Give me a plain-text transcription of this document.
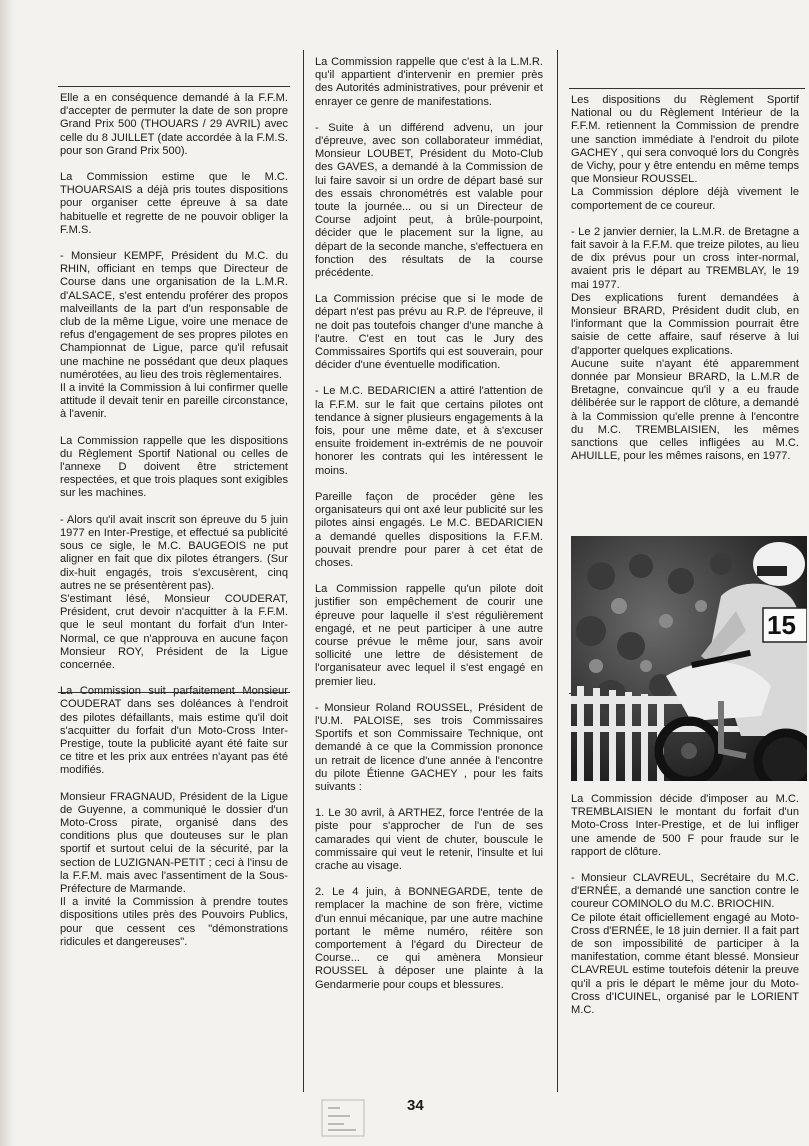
Elle a en conséquence demandé à la F.F.M. d'accepter de permuter la date de son propre Grand Prix 500 (THOUARS / 29 AVRIL) avec celle du 8 JUILLET (date accordée à la F.M.S. pour son Grand Prix 500).

La Commission estime que le M.C. THOUARSAIS a déjà pris toutes dispositions pour organiser cette épreuve à sa date habituelle et regrette de ne pouvoir obliger la F.M.S.

- Monsieur KEMPF, Président du M.C. du RHIN, officiant en temps que Directeur de Course dans une organisation de la L.M.R. d'ALSACE, s'est entendu proférer des propos malveillants de la part d'un responsable de club de la même Ligue, voire une menace de refus d'engagement de ses propres pilotes en Championnat de Ligue, parce qu'il refusait une machine ne possédant que deux plaques numérotées, au lieu des trois règlementaires.
Il a invité la Commission à lui confirmer quelle attitude il devait tenir en pareille circonstance, à l'avenir.

La Commission rappelle que les dispositions du Règlement Sportif National ou celles de l'annexe D doivent être strictement respectées, et que trois plaques sont exigibles sur les machines.

- Alors qu'il avait inscrit son épreuve du 5 juin 1977 en Inter-Prestige, et effectué sa publicité sous ce sigle, le M.C. BAUGEOIS ne put aligner en fait que dix pilotes étrangers. (Sur dix-huit engagés, trois s'excusèrent, cinq autres ne se présentèrent pas).
S'estimant lésé, Monsieur COUDERAT, Président, crut devoir n'acquitter à la F.F.M. que le seul montant du forfait d'un Inter-Normal, ce que n'approuva en aucune façon Monsieur ROY, Président de la Ligue concernée.

La Commission suit parfaitement Monsieur COUDERAT dans ses doléances à l'endroit des pilotes défaillants, mais estime qu'il doit s'acquitter du forfait d'un Moto-Cross Inter-Prestige, toute la publicité ayant été faite sur ce titre et les prix aux entrées n'ayant pas été modifiés.

Monsieur FRAGNAUD, Président de la Ligue de Guyenne, a communiqué le dossier d'un Moto-Cross pirate, organisé dans des conditions plus que douteuses sur le plan sportif et surtout celui de la sécurité, par la section de LUZIGNAN-PETIT ; ceci à l'insu de la F.F.M. mais avec l'assentiment de la Sous-Préfecture de Marmande.
Il a invité la Commission à prendre toutes dispositions utiles près des Pouvoirs Publics, pour que cessent ces "démonstrations ridicules et dangereuses".

La Commission rappelle que c'est à la L.M.R. qu'il appartient d'intervenir en premier près des Autorités administratives, pour prévenir et enrayer ce genre de manifestations.

- Suite à un différend advenu, un jour d'épreuve, avec son collaborateur immédiat, Monsieur LOUBET, Président du Moto-Club des GAVES, a demandé à la Commission de lui faire savoir si un ordre de départ basé sur des essais chronométrés est valable pour toute la journée... ou si un Directeur de Course adjoint peut, à brûle-pourpoint, décider que le placement sur la ligne, au départ de la seconde manche, s'effectuera en fonction des résultats de la course précédente.

La Commission précise que si le mode de départ n'est pas prévu au R.P. de l'épreuve, il ne doit pas toutefois changer d'une manche à l'autre. C'est en tout cas le Jury des Commissaires Sportifs qui est souverain, pour décider d'une éventuelle modification.

- Le M.C. BEDARICIEN a attiré l'attention de la F.F.M. sur le fait que certains pilotes ont tendance à signer plusieurs engagements à la fois, pour une même date, et à s'excuser ensuite froidement in-extrémis de ne pouvoir honorer les contrats qui les intéressent le moins.

Pareille façon de procéder gène les organisateurs qui ont axé leur publicité sur les pilotes ainsi engagés. Le M.C. BEDARICIEN a demandé quelles dispositions la F.F.M. pouvait prendre pour parer à cet état de choses.

La Commission rappelle qu'un pilote doit justifier son empêchement de courir une épreuve pour laquelle il s'est régulièrement engagé, et ne peut participer à une autre course prévue le même jour, sans avoir sollicité une lettre de désistement de l'organisateur avec lequel il s'est engagé en premier lieu.

- Monsieur Roland ROUSSEL, Président de l'U.M. PALOISE, ses trois Commissaires Sportifs et son Commissaire Technique, ont demandé à ce que la Commission prononce un retrait de licence d'une année à l'encontre du pilote Étienne GACHEY , pour les faits suivants :

1. Le 30 avril, à ARTHEZ, force l'entrée de la piste pour s'approcher de l'un de ses camarades qui vient de chuter, bouscule le commissaire qui veut le retenir, l'insulte et lui crache au visage.

2. Le 4 juin, à BONNEGARDE, tente de remplacer la machine de son frère, victime d'un ennui mécanique, par une autre machine portant le même numéro, réitère son comportement à l'égard du Directeur de Course... ce qui amènera Monsieur ROUSSEL à déposer une plainte à la Gendarmerie pour coups et blessures.

Les dispositions du Règlement Sportif National ou du Règlement Intérieur de la F.F.M. retiennent la Commission de prendre une sanction immédiate à l'endroit du pilote GACHEY , qui sera convoqué lors du Congrès de Vichy, pour y être entendu en même temps que Monsieur ROUSSEL.
La Commission déplore déjà vivement le comportement de ce coureur.

- Le 2 janvier dernier, la L.M.R. de Bretagne a fait savoir à la F.F.M. que treize pilotes, au lieu de dix prévus pour un cross inter-normal, avaient pris le départ au TREMBLAY, le 19 mai 1977.
Des explications furent demandées à Monsieur BRARD, Président dudit club, en l'informant que la Commission pourrait être saisie de cette affaire, sauf réserve à lui d'apporter quelques explications.
Aucune suite n'ayant été apparemment donnée par Monsieur BRARD, la L.M.R de Bretagne, convaincue qu'il y a eu fraude délibérée sur le rapport de clôture, a demandé à la Commission qu'elle prenne à l'encontre du M.C. TREMBLAISIEN, les mêmes sanctions que celles infligées au M.C. AHUILLE, pour les mêmes raisons, en 1977.

15

La Commission décide d'imposer au M.C. TREMBLAISIEN le montant du forfait d'un Moto-Cross Inter-Prestige, et de lui infliger une amende de 500 F pour fraude sur le rapport de clôture.

- Monsieur CLAVREUL, Secrétaire du M.C. d'ERNÉE, a demandé une sanction contre le coureur COMINOLO du M.C. BRIOCHIN.
Ce pilote était officiellement engagé au Moto-Cross d'ERNÉE, le 18 juin dernier. Il a fait part de son impossibilité de participer à la manifestation, comme étant blessé. Monsieur CLAVREUL estime toutefois détenir la preuve qu'il a pris le départ le même jour du Moto-Cross d'ICUINEL, organisé par le LORIENT M.C.

34
